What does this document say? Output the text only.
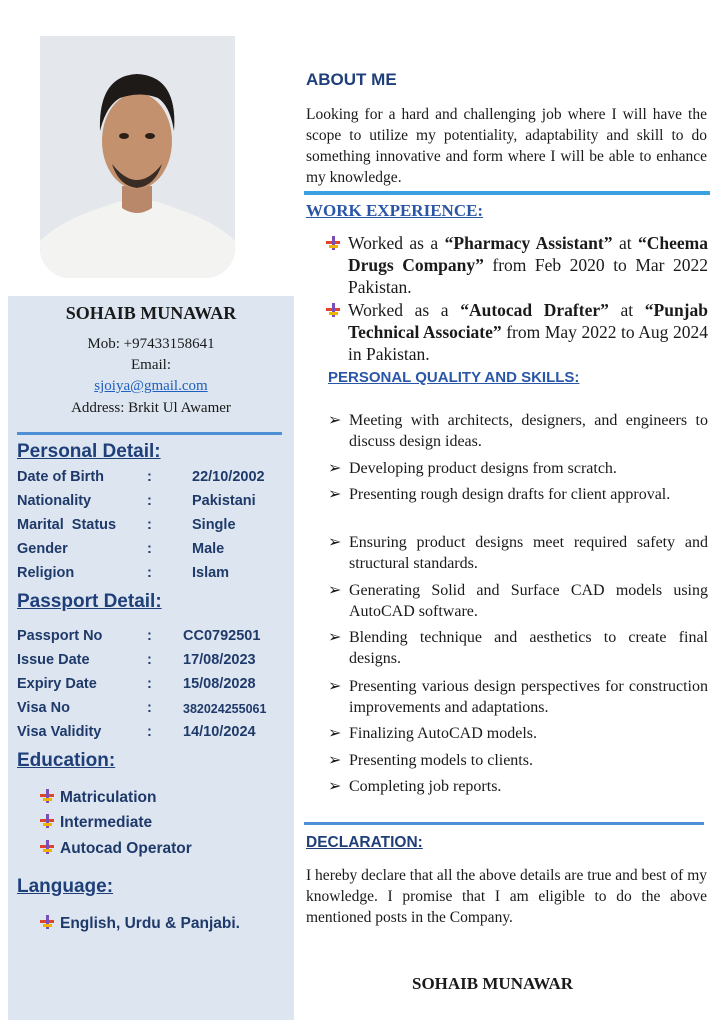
SOHAIB MUNAWAR
Mob: +97433158641
Email:
sjoiya@gmail.com
Address: Brkit Ul Awamer
Personal Detail:
Date of Birth	:	22/10/2002
Nationality	:	Pakistani
Marital  Status :	Single
Gender	:	Male
Religion	:	Islam
Passport Detail:
Passport No	: CC0792501
Issue Date	: 17/08/2023
Expiry Date	: 15/08/2028
Visa No	: 382024255061
Visa Validity	: 14/10/2024
Education:
Matriculation
Intermediate
Autocad Operator
Language:
English, Urdu & Panjabi.
ABOUT ME
Looking for a hard and challenging job where I will have the scope to utilize my potentiality, adaptability and skill to do something innovative and form where I will be able to enhance my knowledge.
WORK EXPERIENCE:
Worked as a “Pharmacy Assistant” at “Cheema Drugs Company” from Feb 2020 to Mar 2022 Pakistan.
Worked as a “Autocad Drafter” at “Punjab Technical Associate” from May 2022 to Aug 2024 in Pakistan.
PERSONAL QUALITY AND SKILLS:
➢ Meeting with architects, designers, and engineers to discuss design ideas.
➢ Developing product designs from scratch.
➢ Presenting rough design drafts for client approval.
➢ Ensuring product designs meet required safety and structural standards.
➢ Generating Solid and Surface CAD models using AutoCAD software.
➢ Blending technique and aesthetics to create final designs.
➢ Presenting various design perspectives for construction improvements and adaptations.
➢ Finalizing AutoCAD models.
➢ Presenting models to clients.
➢ Completing job reports.
DECLARATION:
I hereby declare that all the above details are true and best of my knowledge. I promise that I am eligible to do the above mentioned posts in the Company.
SOHAIB MUNAWAR
